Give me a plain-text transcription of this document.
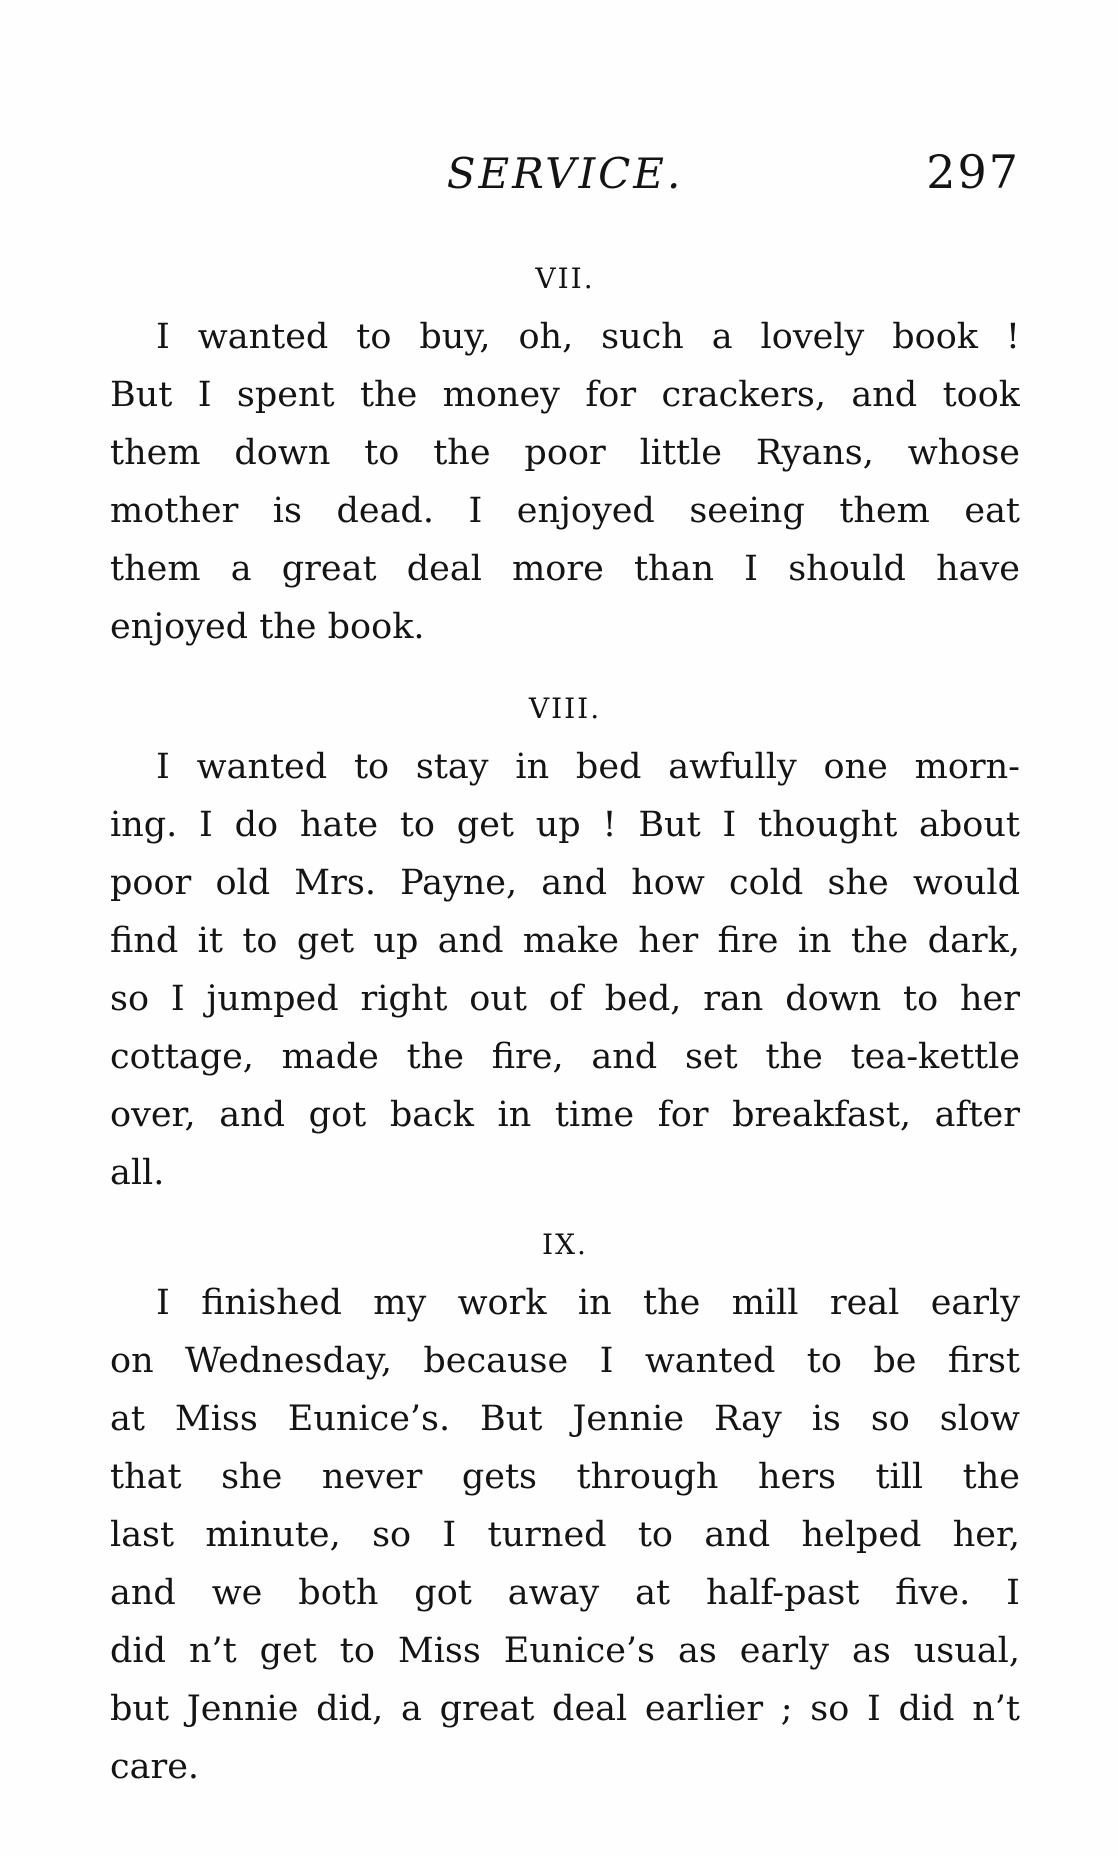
SERVICE.	297
VII.
I wanted to buy, oh, such a lovely book !
But I spent the money for crackers, and took
them down to the poor little Ryans, whose
mother is dead. I enjoyed seeing them eat
them a great deal more than I should have
enjoyed the book.
VIII.
I wanted to stay in bed awfully one morn-
ing. I do hate to get up ! But I thought about
poor old Mrs. Payne, and how cold she would
find it to get up and make her fire in the dark,
so I jumped right out of bed, ran down to her
cottage, made the fire, and set the tea-kettle
over, and got back in time for breakfast, after
all.
IX.
I finished my work in the mill real early
on Wednesday, because I wanted to be first
at Miss Eunice’s. But Jennie Ray is so slow
that she never gets through hers till the
last minute, so I turned to and helped her,
and we both got away at half-past five. I
did n’t get to Miss Eunice’s as early as usual,
but Jennie did, a great deal earlier ; so I did n’t
care.
